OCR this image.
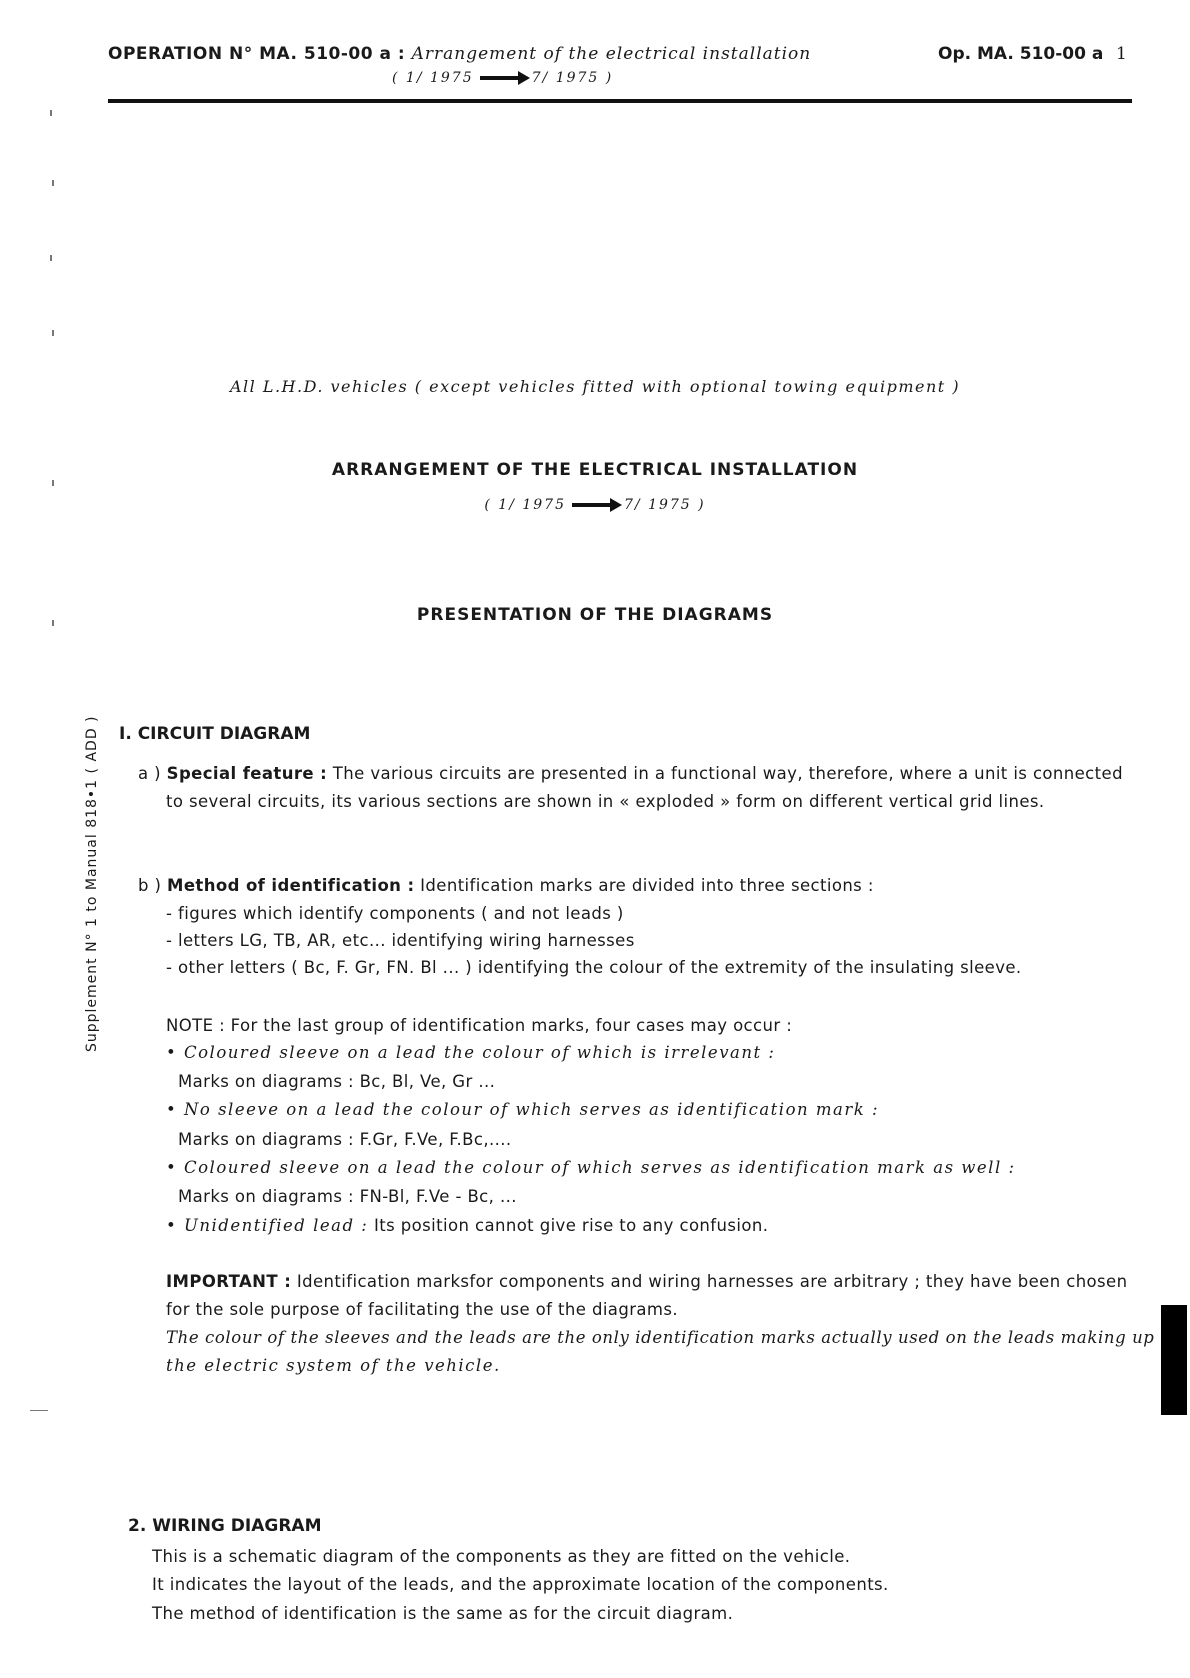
OPERATION N° MA. 510-00 a : Arrangement of the electrical installation
( 1/ 1975	7/ 1975 )
Op. MA. 510-00 a 1
All L.H.D. vehicles ( except vehicles fitted with optional towing equipment )
ARRANGEMENT OF THE ELECTRICAL INSTALLATION
( 1/ 1975	7/ 1975 )
PRESENTATION OF THE DIAGRAMS
Supplement N° 1 to Manual 818•1 ( ADD ) I. CIRCUIT DIAGRAM
a ) Special feature : The various circuits are presented in a functional way, therefore, where a unit is connected
to several circuits, its various sections are shown in « exploded » form on different vertical grid lines.
b ) Method of identification : Identification marks are divided into three sections :
- figures which identify components ( and not leads )
- letters LG, TB, AR, etc... identifying wiring harnesses
- other letters ( Bc, F. Gr, FN. Bl ... ) identifying the colour of the extremity of the insulating sleeve.
NOTE : For the last group of identification marks, four cases may occur :
• Coloured sleeve on a lead the colour of which is irrelevant :
Marks on diagrams : Bc, Bl, Ve, Gr ...
• No sleeve on a lead the colour of which serves as identification mark :
Marks on diagrams : F.Gr, F.Ve, F.Bc,....
• Coloured sleeve on a lead the colour of which serves as identification mark as well :
Marks on diagrams : FN-Bl, F.Ve - Bc, ...
• Unidentified lead : Its position cannot give rise to any confusion.
IMPORTANT : Identification marksfor components and wiring harnesses are arbitrary ; they have been chosen
for the sole purpose of facilitating the use of the diagrams.
The colour of the sleeves and the leads are the only identification marks actually used on the leads making up
the electric system of the vehicle.
2. WIRING DIAGRAM
This is a schematic diagram of the components as they are fitted on the vehicle.
It indicates the layout of the leads, and the approximate location of the components.
The method of identification is the same as for the circuit diagram.
